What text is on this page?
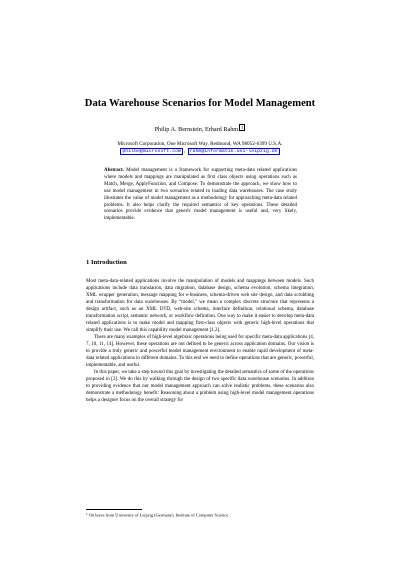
Data Warehouse Scenarios for Model Management
Philip A. Bernstein, Erhard Rahm 1
Microsoft Corporation, One Microsoft Way, Redmond, WA 98052-6399 U.S.A.
philbe@microsoft.com , rahm@informatik.uni-leipzig.de
Abstract. Model management is a framework for supporting meta-data related applications where models and mappings are manipulated as first class objects using operations such as Match, Merge, ApplyFunction, and Compose. To demonstrate the approach, we show how to use model management in two scenarios related to loading data warehouses. The case study illustrates the value of model management as a methodology for approaching meta-data related problems. It also helps clarify the required semantics of key operations. These detailed scenarios provide evidence that generic model management is useful and, very likely, implementable.
1 Introduction

Most meta-data-related applications involve the manipulation of models and mappings between models. Such applications include data translation, data migration, database design, schema evolution, schema integration, XML wrapper generation, message mapping for e-business, schema-driven web site design, and data scrubbing and transformation for data warehouses. By “model,” we mean a complex discrete structure that represents a design artifact, such as an XML DTD, web-site schema, interface definition, relational schema, database transformation script, semantic network, or workflow definition. One way to make it easier to develop meta-data related applications is to make model and mapping first-class objects with generic high-level operations that simplify their use. We call this capability model management [1,2].

There are many examples of high-level algebraic operations being used for specific meta-data applications [4, 7, 10, 11, 14]. However, these operations are not defined to be generic across application domains. Our vision is to provide a truly generic and powerful model management environment to enable rapid development of meta-data related applications in different domains. To this end we need to define operations that are generic, powerful, implementable, and useful.

In this paper, we take a step toward this goal by investigating the detailed semantics of some of the operations proposed in [2]. We do this by walking through the design of two specific data warehouse scenarios. In addition to providing evidence that our model management approach can solve realistic problems, these scenarios also demonstrate a methodology benefit: Reasoning about a problem using high-level model management operations helps a designer focus on the overall strategy for

$^1$ On leave from University of Leipzig (Germany), Institute of Computer Science.
